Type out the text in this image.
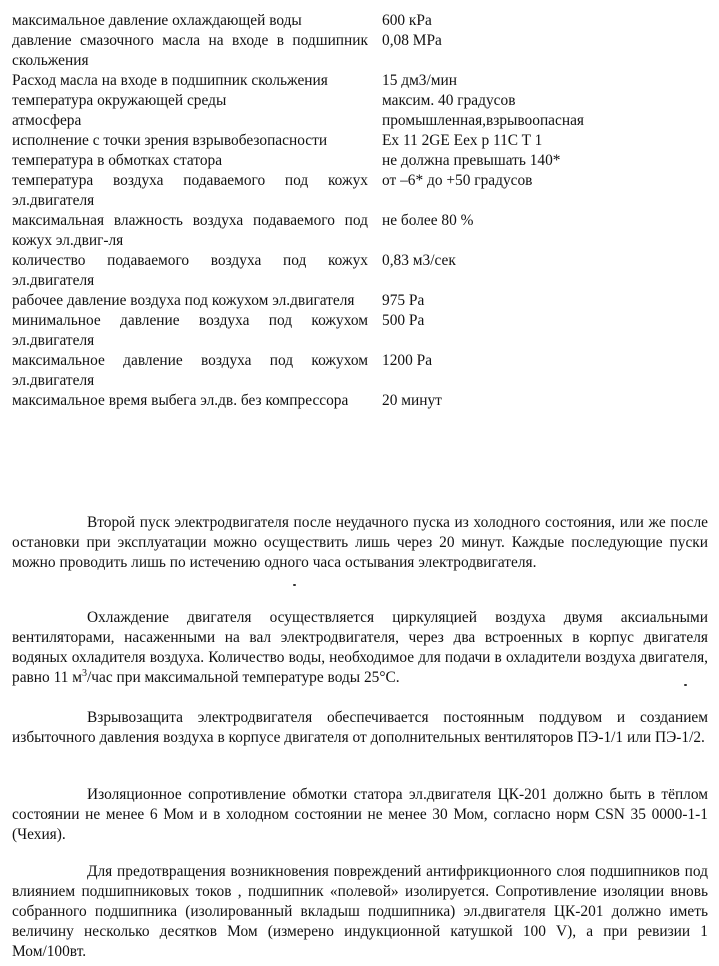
максимальное давление охлаждающей воды	600 кРа
давление смазочного масла на входе в подшипник скольжения	0,08 МРа
Расход масла на входе в подшипник скольжения	15 дм3/мин
температура окружающей среды	максим. 40 градусов
атмосфера	промышленная,взрывоопасная
исполнение с точки зрения взрывобезопасности	Ex 11 2GE Eex p 11C T 1
температура в обмотках статора	не должна превышать 140*
температура воздуха подаваемого под кожух эл.двигателя	от –6* до +50 градусов
максимальная влажность воздуха подаваемого под кожух эл.двиг-ля	не более 80 %
количество подаваемого воздуха под кожух эл.двигателя	0,83 м3/сек
рабочее давление воздуха под кожухом эл.двигателя	975 Ра
минимальное давление воздуха под кожухом эл.двигателя	500 Ра
максимальное давление воздуха под кожухом эл.двигателя	1200 Ра
максимальное время выбега эл.дв. без компрессора	20 минут

Второй пуск электродвигателя после неудачного пуска из холодного состояния, или же после остановки при эксплуатации можно осуществить лишь через 20 минут. Каждые последующие пуски можно проводить лишь по истечению одного часа остывания электродвигателя.

Охлаждение двигателя осуществляется циркуляцией воздуха двумя аксиальными вентиляторами, насаженными на вал электродвигателя, через два встроенных в корпус двигателя водяных охладителя воздуха. Количество воды, необходимое для подачи в охладители воздуха двигателя, равно 11 $м^3$/час при максимальной температуре воды 25°С.

Взрывозащита электродвигателя обеспечивается постоянным поддувом и созданием избыточного давления воздуха в корпусе двигателя от дополнительных вентиляторов ПЭ-1/1 или ПЭ-1/2.

Изоляционное сопротивление обмотки статора эл.двигателя ЦК-201 должно быть в тёплом состоянии не менее 6 Мом и в холодном состоянии не менее 30 Мом, согласно норм CSN 35 0000-1-1 (Чехия).

Для предотвращения возникновения повреждений антифрикционного слоя подшипников под влиянием подшипниковых токов , подшипник «полевой» изолируется. Сопротивление изоляции вновь собранного подшипника (изолированный вкладыш подшипника) эл.двигателя ЦК-201 должно иметь величину несколько десятков Мом (измерено индукционной катушкой 100 V), а при ревизии 1 Мом/100вт.
